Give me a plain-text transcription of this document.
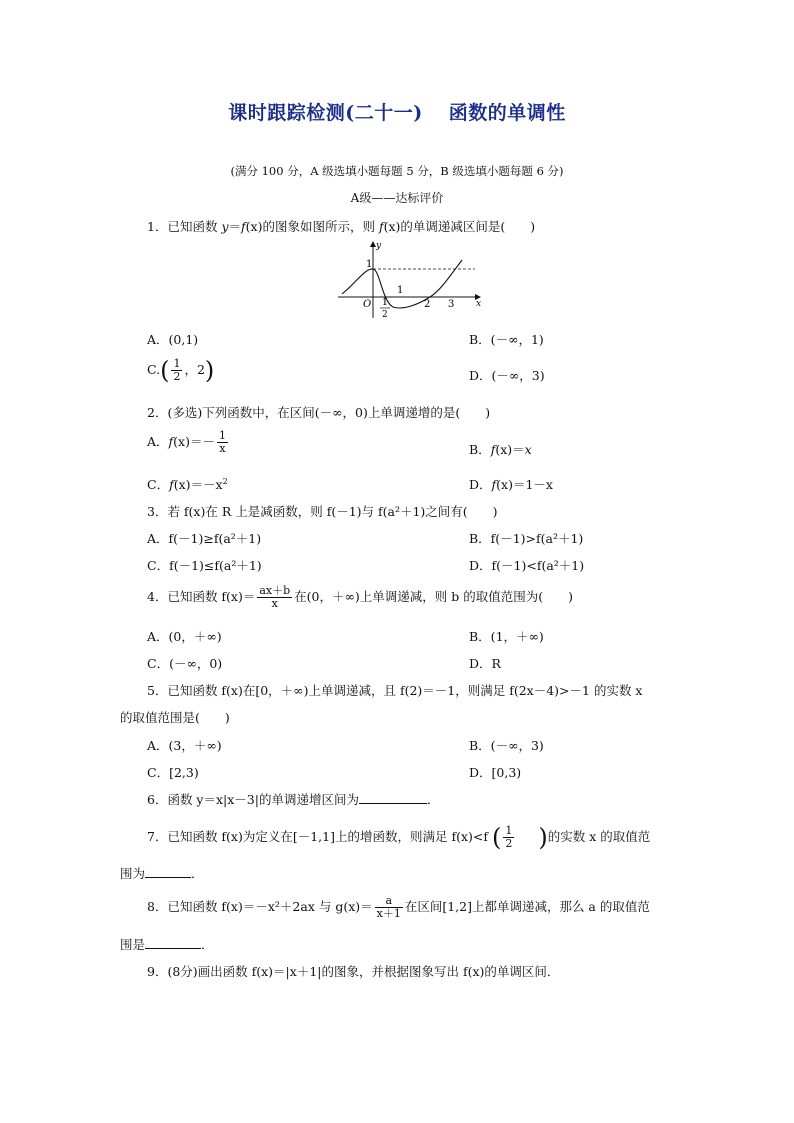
课时跟踪检测(二十一) 函数的单调性
(满分 100 分，A 级选填小题每题 5 分，B 级选填小题每题 6 分)
A级——达标评价
1．已知函数 y＝f(x)的图象如图所示，则 f(x)的单调递减区间是(　　)
y
x
1
O 1
2
1
2 3
A．(0,1)	B．(－∞，1)
$C.( \frac{1}{2}$ ，2)	D．(－∞，3)
2．(多选)下列函数中，在区间(－∞，0)上单调递增的是(　　)
A．$f(x)=- \frac{1}{x}$	B．f(x)＝x
C．$f(x)=-x^2$	D．f(x)＝1－x
3．若 f(x)在 R 上是减函数，则 f(－1)与 f(a²＋1)之间有(　　)
A．f(－1)≥f(a²＋1)	B．f(－1)>f(a²＋1)
C．f(－1)≤f(a²＋1)	D．f(－1)<f(a²＋1)
4．已知函数 $f(x)= \frac{ax+b}{x}$ 在(0，＋∞)上单调递减，则 b 的取值范围为(　　)
A．(0，＋∞)	B．(1，＋∞)
C．(－∞，0)	D．R
5．已知函数 f(x)在[0，＋∞)上单调递减，且 f(2)＝－1，则满足 f(2x－4)>－1 的实数 x
的取值范围是(　　)
A．(3，＋∞)	B．(－∞，3)
C．[2,3)	D．[0,3)
6．函数 y＝x|x－3|的单调递增区间为	．
7．已知函数 f(x)为定义在[－1,1]上的增函数，则满足 f(x)<f ( $\frac{1}{2}$ )的实数 x 的取值范
围为	．
8．已知函数 f(x)＝－x²＋2ax 与 $g(x)= \frac{a}{x+1}$ 在区间[1,2]上都单调递减，那么 a 的取值范
围是	．
9．(8分)画出函数 f(x)＝|x＋1|的图象，并根据图象写出 f(x)的单调区间．
